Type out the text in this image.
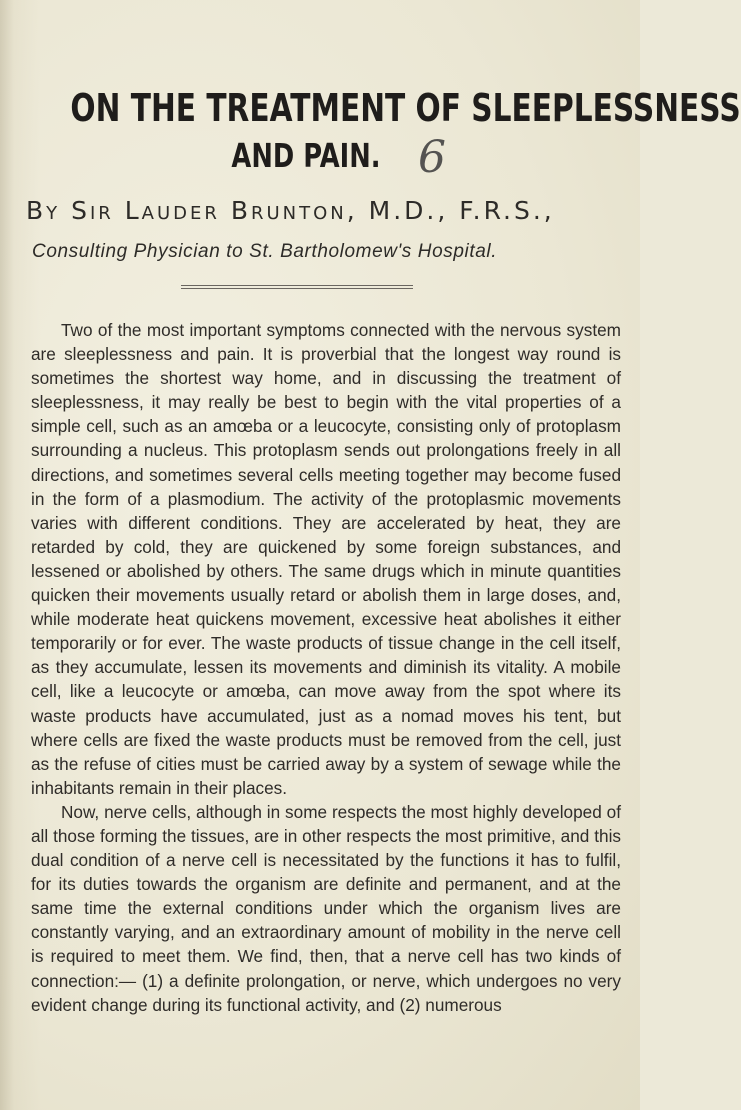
ON THE TREATMENT OF SLEEPLESSNESS
AND PAIN. 6
By Sir Lauder Brunton, M.D., F.R.S.,
Consulting Physician to St. Bartholomew's Hospital.

Two of the most important symptoms connected with the nervous system are sleeplessness and pain. It is proverbial that the longest way round is sometimes the shortest way home, and in discussing the treatment of sleeplessness, it may really be best to begin with the vital properties of a simple cell, such as an amœba or a leucocyte, consisting only of protoplasm surrounding a nucleus. This protoplasm sends out prolongations freely in all directions, and sometimes several cells meeting together may become fused in the form of a plasmodium. The activity of the protoplasmic movements varies with different conditions. They are accelerated by heat, they are retarded by cold, they are quickened by some foreign substances, and lessened or abolished by others. The same drugs which in minute quantities quicken their movements usually retard or abolish them in large doses, and, while moderate heat quickens movement, excessive heat abolishes it either temporarily or for ever. The waste products of tissue change in the cell itself, as they accumulate, lessen its movements and diminish its vitality. A mobile cell, like a leucocyte or amœba, can move away from the spot where its waste products have accumulated, just as a nomad moves his tent, but where cells are fixed the waste products must be removed from the cell, just as the refuse of cities must be carried away by a system of sewage while the inhabitants remain in their places.

Now, nerve cells, although in some respects the most highly developed of all those forming the tissues, are in other respects the most primitive, and this dual condition of a nerve cell is necessitated by the functions it has to fulfil, for its duties towards the organism are definite and permanent, and at the same time the external conditions under which the organism lives are constantly varying, and an extraordinary amount of mobility in the nerve cell is required to meet them. We find, then, that a nerve cell has two kinds of connection:— (1) a definite prolongation, or nerve, which undergoes no very evident change during its functional activity, and (2) numerous
